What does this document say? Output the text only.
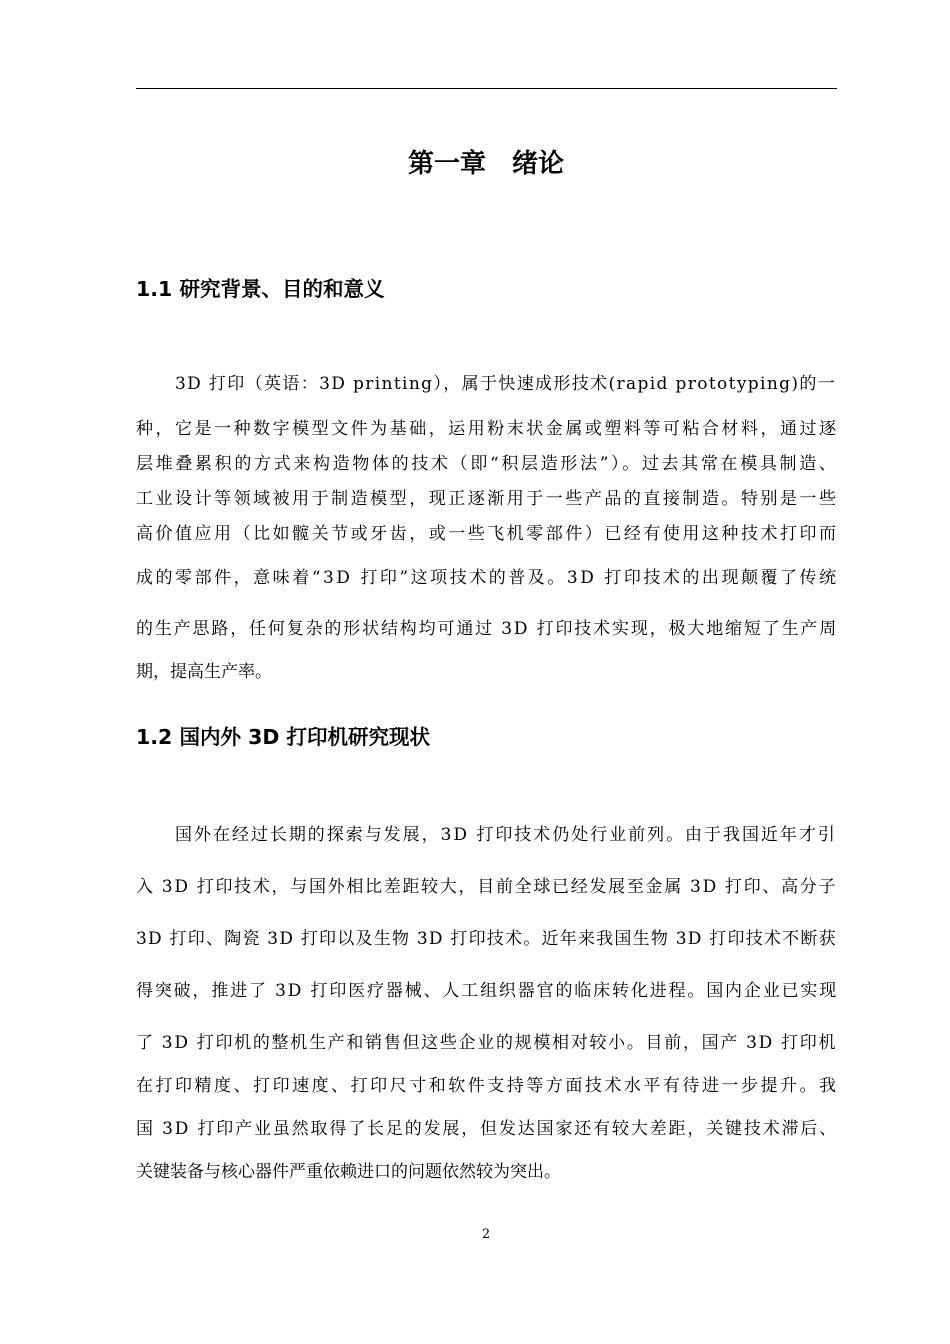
第一章　绪论
1.1 研究背景、目的和意义
3D 打印（英语：3D printing），属于快速成形技术(rapid prototyping)的一
种，它是一种数字模型文件为基础，运用粉末状金属或塑料等可粘合材料，通过逐
层堆叠累积的方式来构造物体的技术（即“积层造形法”）。过去其常在模具制造、
工业设计等领域被用于制造模型，现正逐渐用于一些产品的直接制造。特别是一些
高价值应用（比如髋关节或牙齿，或一些飞机零部件）已经有使用这种技术打印而
成的零部件，意味着“3D 打印”这项技术的普及。3D 打印技术的出现颠覆了传统
的生产思路，任何复杂的形状结构均可通过 3D 打印技术实现，极大地缩短了生产周
期，提高生产率。
1.2 国内外 3D 打印机研究现状
国外在经过长期的探索与发展，3D 打印技术仍处行业前列。由于我国近年才引
入 3D 打印技术，与国外相比差距较大，目前全球已经发展至金属 3D 打印、高分子
3D 打印、陶瓷 3D 打印以及生物 3D 打印技术。近年来我国生物 3D 打印技术不断获
得突破，推进了 3D 打印医疗器械、人工组织器官的临床转化进程。国内企业已实现
了 3D 打印机的整机生产和销售但这些企业的规模相对较小。目前，国产 3D 打印机
在打印精度、打印速度、打印尺寸和软件支持等方面技术水平有待进一步提升。我
国 3D 打印产业虽然取得了长足的发展，但发达国家还有较大差距，关键技术滞后、
关键装备与核心器件严重依赖进口的问题依然较为突出。
2
